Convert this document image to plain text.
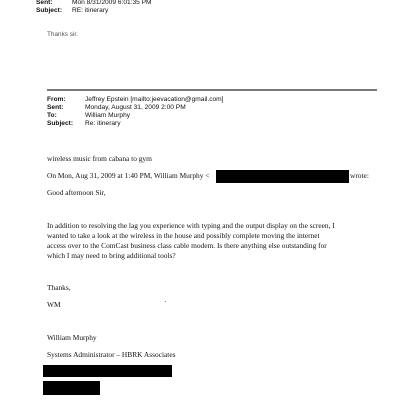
Sent:	Mon 8/31/2009 6:01:35 PM
Subject: RE: itinerary
Thanks sir.
From:	Jeffrey Epstein [mailto:jeevacation@gmail.com]
Sent:	Monday, August 31, 2009 2:00 PM
To:	William Murphy
Subject: Re: itinerary
wireless music from cabana to gym
On Mon, Aug 31, 2009 at 1:40 PM, William Murphy <	wrote:
Good afternoon Sir,
In addition to resolving the lag you experience with typing and the output display on the screen, I
wanted to take a look at the wireless in the house and possibly complete moving the internet
access over to the ComCast business class cable modem. Is there anything else outstanding for
which I may need to bring additional tools?
Thanks,
WM	·
William Murphy
Systems Administrator – HBRK Associates
